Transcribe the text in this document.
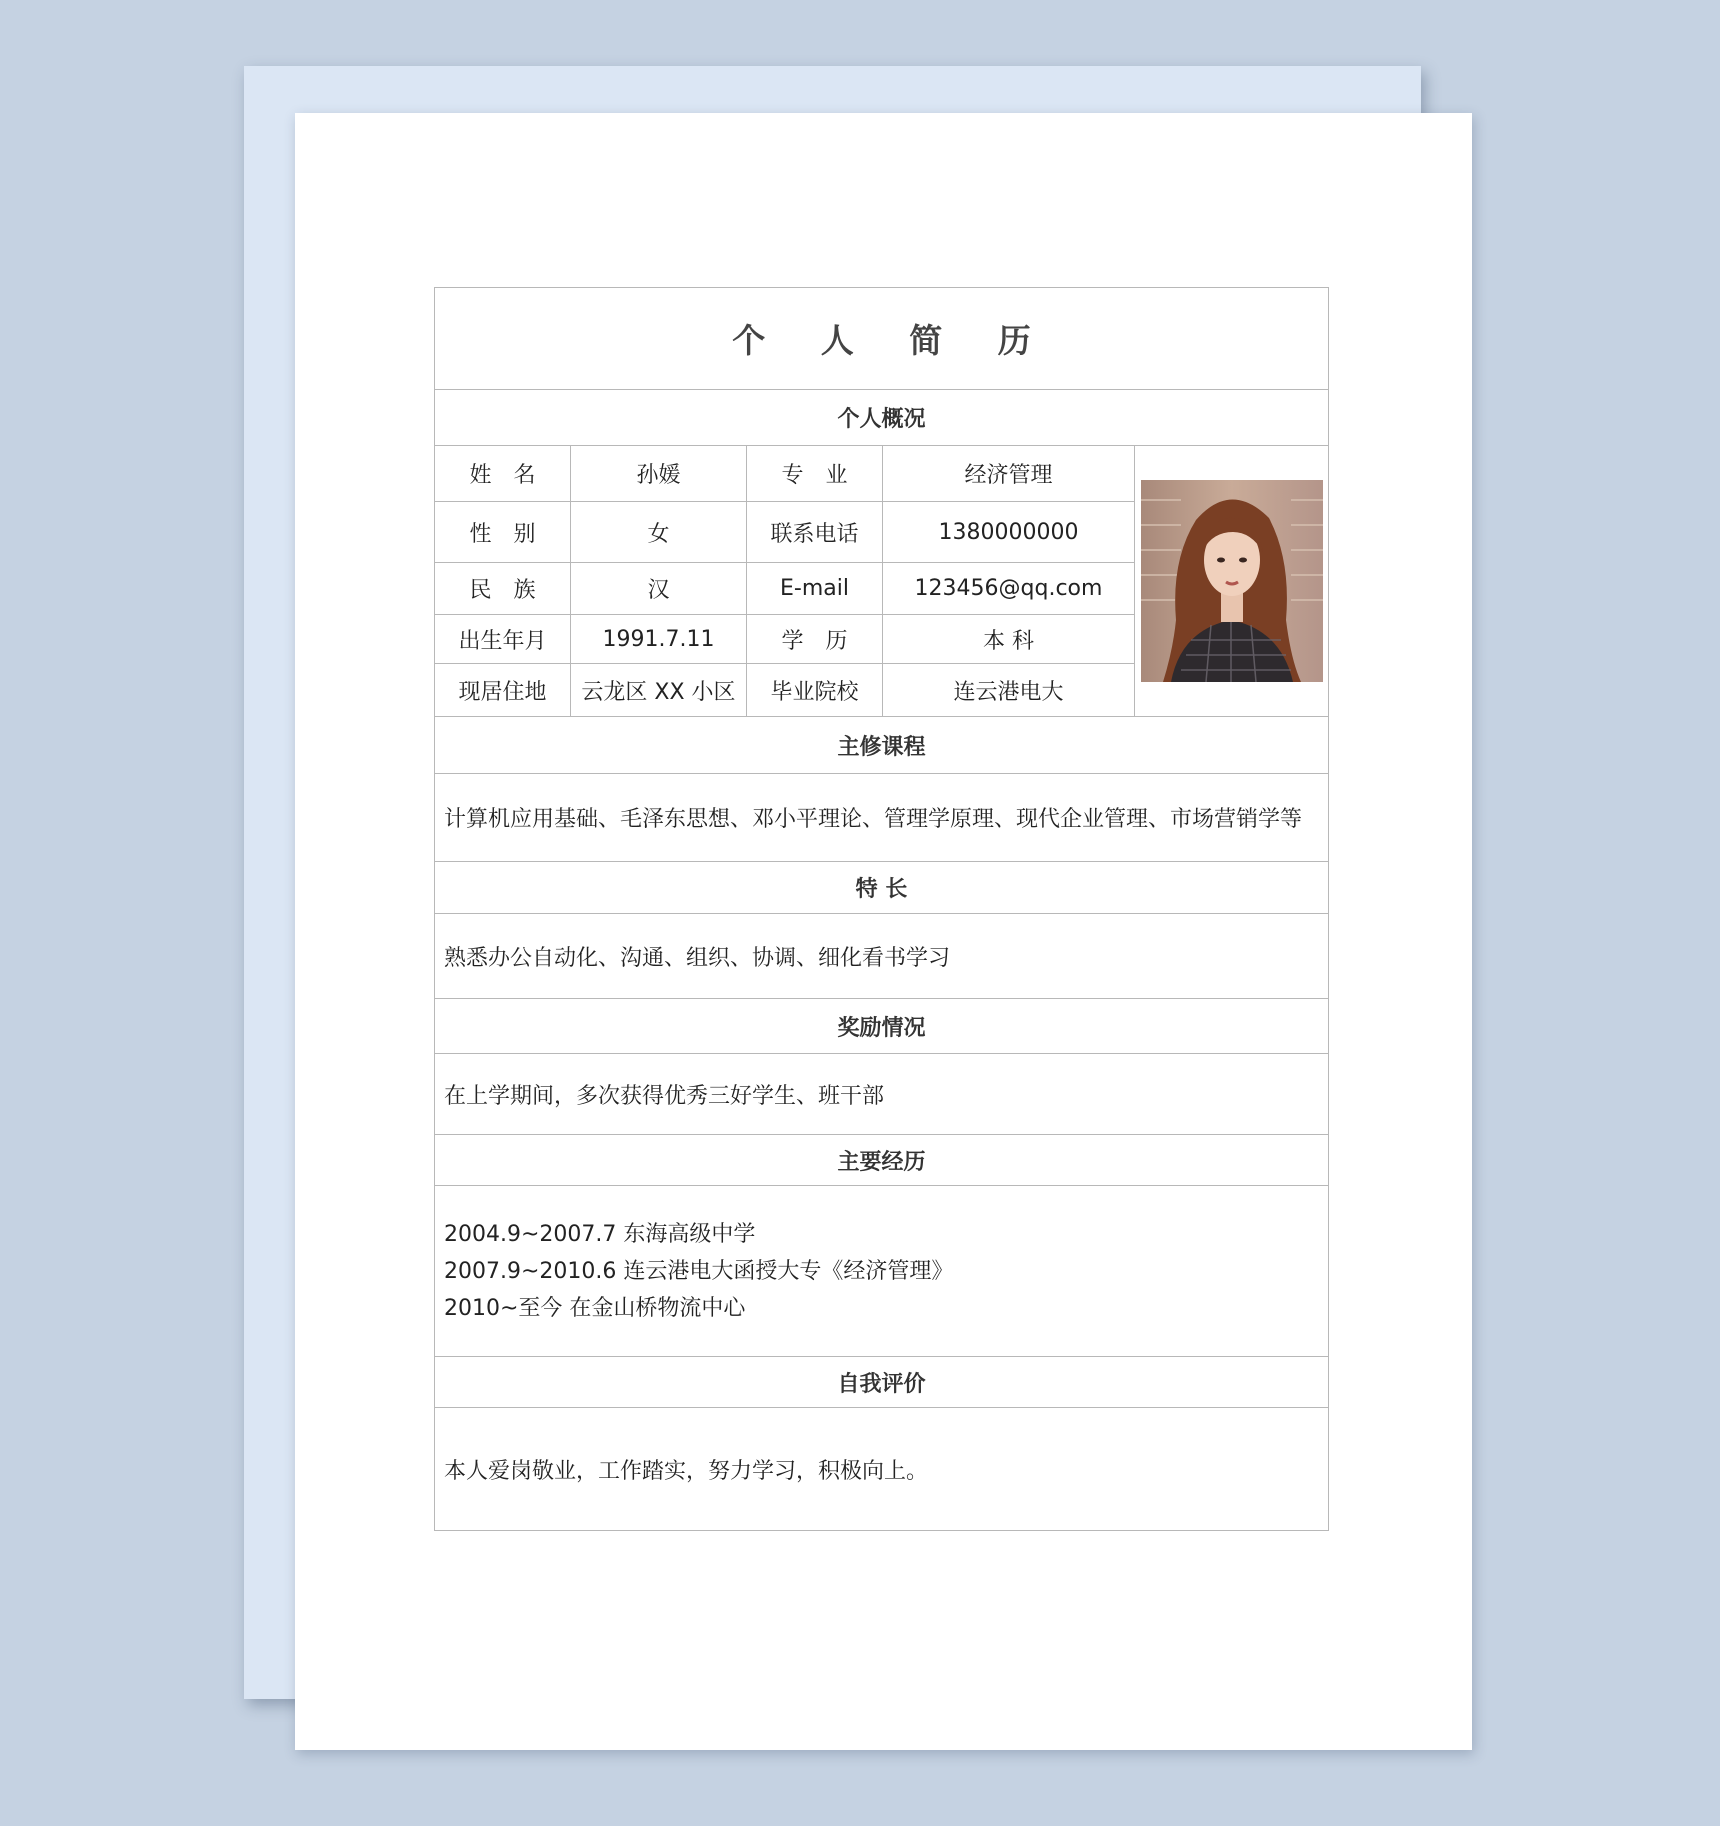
个 人 简 历				
个人概况				
姓　名	孙媛	专　业	经济管理	

性　别	女	联系电话	1380000000	
民　族	汉	E-mail	123456@qq.com	
出生年月	1991.7.11	学　历	本 科	
现居住地	云龙区 XX 小区	毕业院校	连云港电大	
主修课程				
计算机应用基础、毛泽东思想、邓小平理论、管理学原理、现代企业管理、市场营销学等				
特 长				
熟悉办公自动化、沟通、组织、协调、细化看书学习				
奖励情况				
在上学期间，多次获得优秀三好学生、班干部				
主要经历				

2004.9~2007.7 东海高级中学
2007.9~2010.6 连云港电大函授大专《经济管理》
2010~至今 在金山桥物流中心				

自我评价				
本人爱岗敬业，工作踏实，努力学习，积极向上。				
